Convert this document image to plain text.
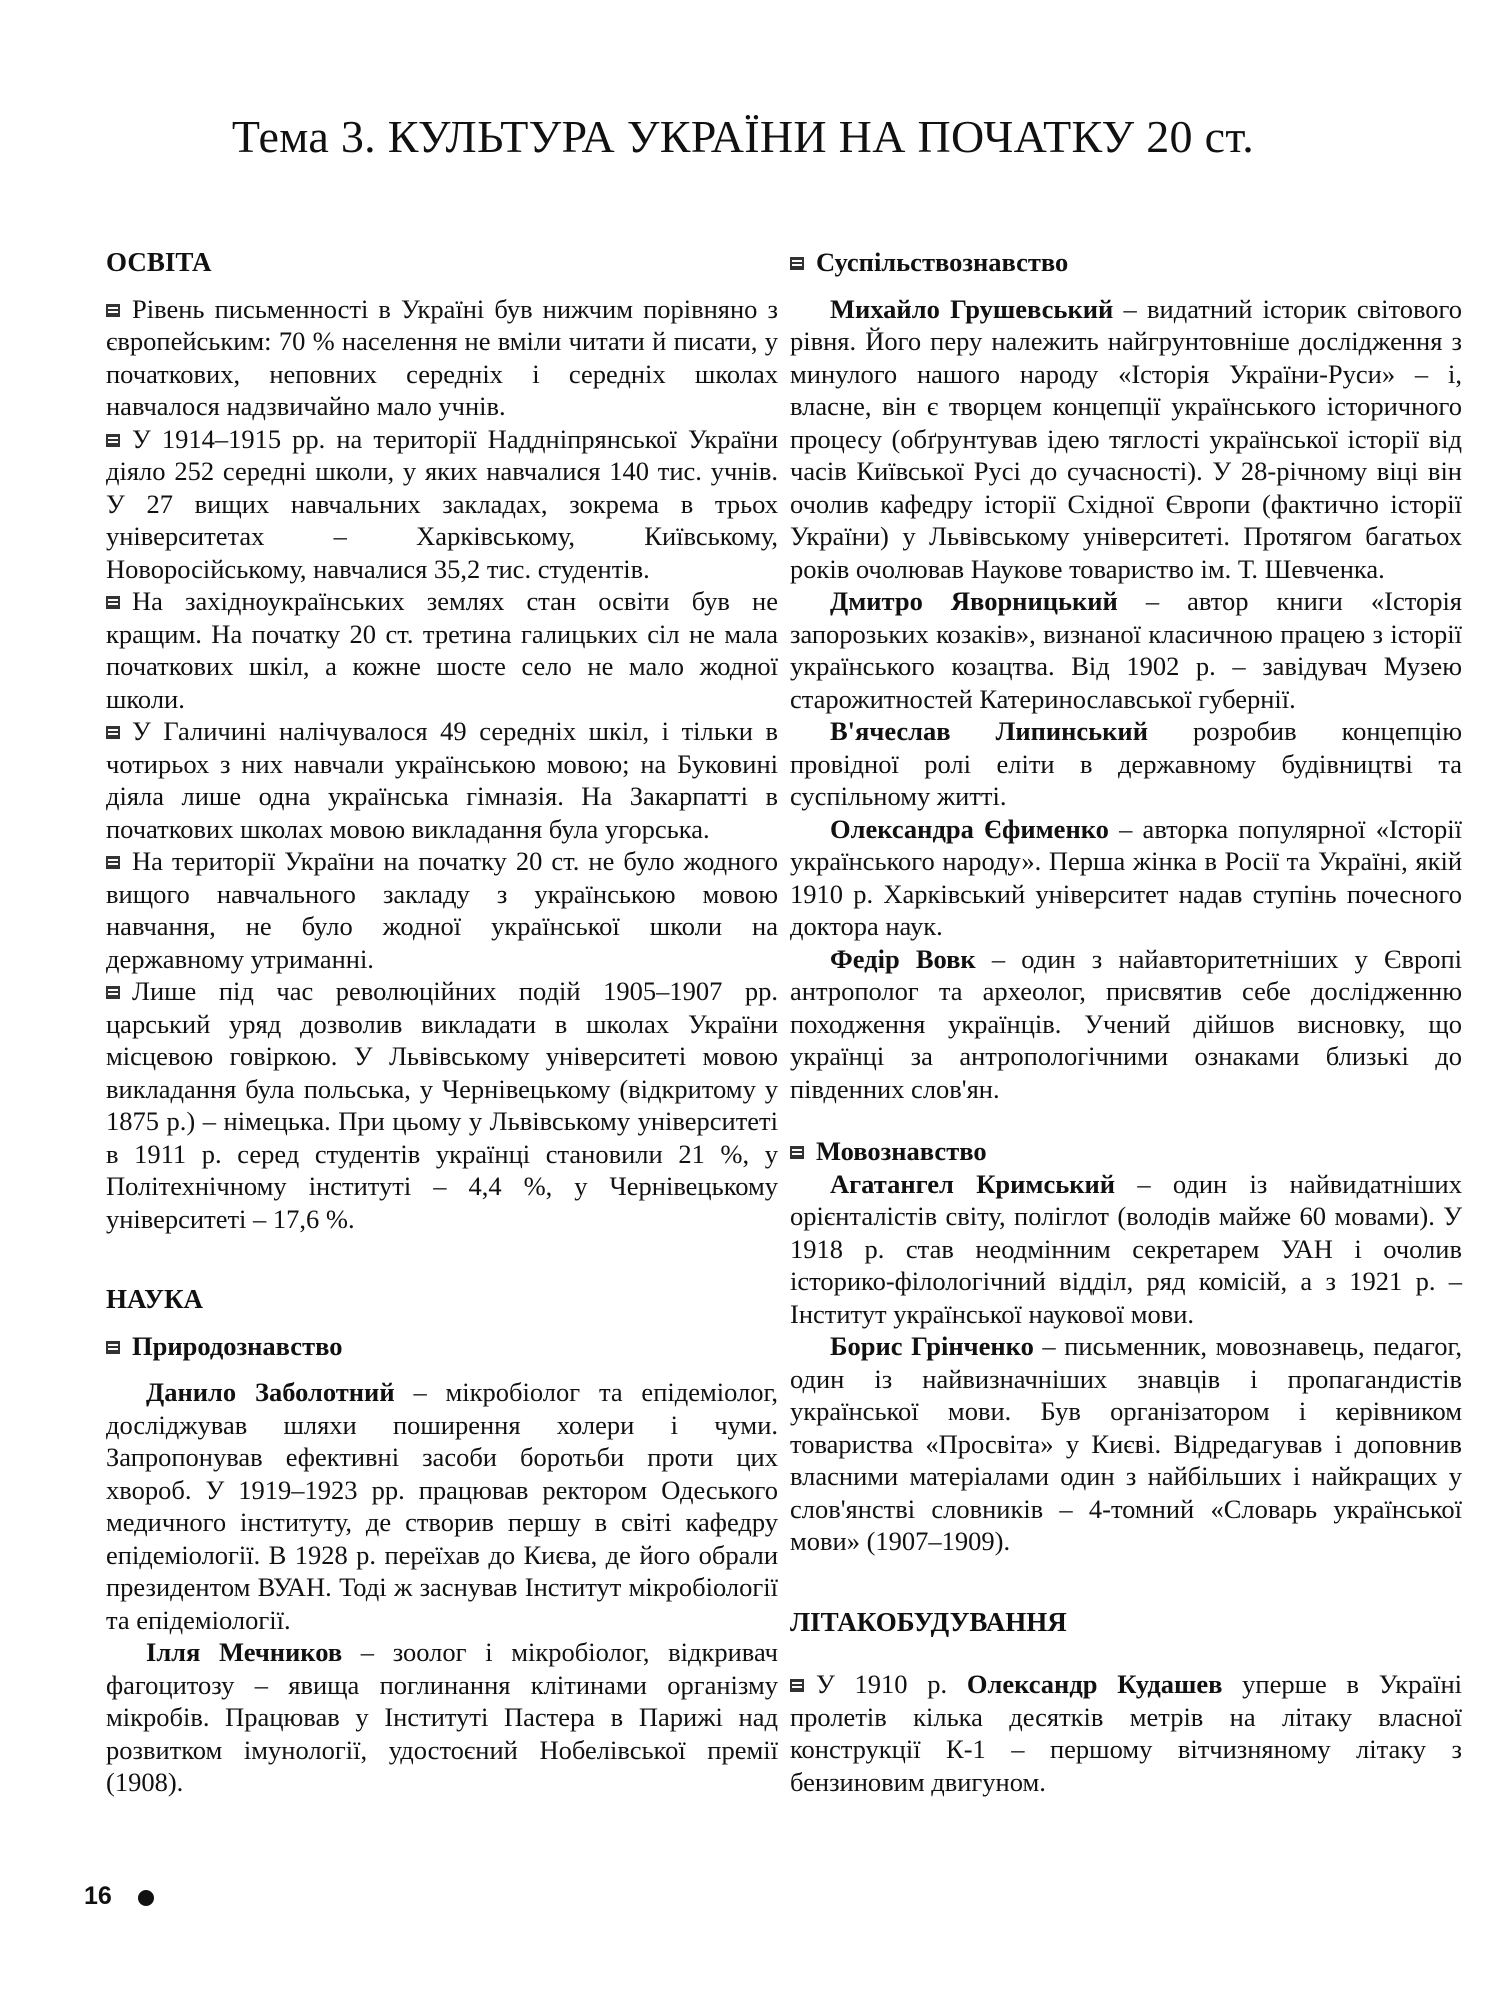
Тема 3. КУЛЬТУРА УКРАЇНИ НА ПОЧАТКУ 20 ст.
ОСВІТА

Рівень письменності в Україні був нижчим порівняно з європейським: 70 % населення не вміли читати й писати, у початкових, неповних середніх і середніх школах навчалося надзвичайно мало учнів.

У 1914–1915 рр. на території Наддніпрянської України діяло 252 середні школи, у яких навчалися 140 тис. учнів. У 27 вищих навчальних закладах, зокрема в трьох університетах – Харківському, Київському, Новоросійському, навчалися 35,2 тис. студентів.

На західноукраїнських землях стан освіти був не кращим. На початку 20 ст. третина галицьких сіл не мала початкових шкіл, а кожне шосте село не мало жодної школи.

У Галичині налічувалося 49 середніх шкіл, і тільки в чотирьох з них навчали українською мовою; на Буковині діяла лише одна українська гімназія. На Закарпатті в початкових школах мовою викладання була угорська.

На території України на початку 20 ст. не було жодного вищого навчального закладу з українською мовою навчання, не було жодної української школи на державному утриманні.

Лише під час революційних подій 1905–1907 рр. царський уряд дозволив викладати в школах України місцевою говіркою. У Львівському університеті мовою викладання була польська, у Чернівецькому (відкритому у 1875 р.) – німецька. При цьому у Львівському університеті в 1911 р. серед студентів українці становили 21 %, у Політехнічному інституті – 4,4 %, у Чернівецькому університеті – 17,6 %.

НАУКА
Природознавство

Данило Заболотний – мікробіолог та епідеміолог, досліджував шляхи поширення холери і чуми. Запропонував ефективні засоби боротьби проти цих хвороб. У 1919–1923 рр. працював ректором Одеського медичного інституту, де створив першу в світі кафедру епідеміології. В 1928 р. переїхав до Києва, де його обрали президентом ВУАН. Тоді ж заснував Інститут мікробіології та епідеміології.

Ілля Мечников – зоолог і мікробіолог, відкривач фагоцитозу – явища поглинання клітинами організму мікробів. Працював у Інституті Пастера в Парижі над розвитком імунології, удостоєний Нобелівської премії (1908).

Суспільствознавство

Михайло Грушевський – видатний історик світового рівня. Його перу належить найгрунтовніше дослідження з минулого нашого народу «Історія України-Руси» – і, власне, він є творцем концепції українського історичного процесу (обґрунтував ідею тяглості української історії від часів Київської Русі до сучасності). У 28-річному віці він очолив кафедру історії Східної Європи (фактично історії України) у Львівському університеті. Протягом багатьох років очолював Наукове товариство ім. Т. Шевченка.

Дмитро Яворницький – автор книги «Історія запорозьких козаків», визнаної класичною працею з історії українського козацтва. Від 1902 р. – завідувач Музею старожитностей Катеринославської губернії.

В'ячеслав Липинський розробив концепцію провідної ролі еліти в державному будівництві та суспільному житті.

Олександра Єфименко – авторка популярної «Історії українського народу». Перша жінка в Росії та Україні, якій 1910 р. Харківський університет надав ступінь почесного доктора наук.

Федір Вовк – один з найавторитетніших у Європі антрополог та археолог, присвятив себе дослідженню походження українців. Учений дійшов висновку, що українці за антропологічними ознаками близькі до південних слов'ян.

Мовознавство

Агатангел Кримський – один із найвидатніших орієнталістів світу, поліглот (володів майже 60 мовами). У 1918 р. став неодмінним секретарем УАН і очолив історико-філологічний відділ, ряд комісій, а з 1921 р. – Інститут української наукової мови.

Борис Грінченко – письменник, мовознавець, педагог, один із найвизначніших знавців і пропагандистів української мови. Був організатором і керівником товариства «Просвіта» у Києві. Відредагував і доповнив власними матеріалами один з найбільших і найкращих у слов'янстві словників – 4-томний «Словарь української мови» (1907–1909).

ЛІТАКОБУДУВАННЯ

У 1910 р. Олександр Кудашев уперше в Україні пролетів кілька десятків метрів на літаку власної конструкції К-1 – першому вітчизняному літаку з бензиновим двигуном.

16
